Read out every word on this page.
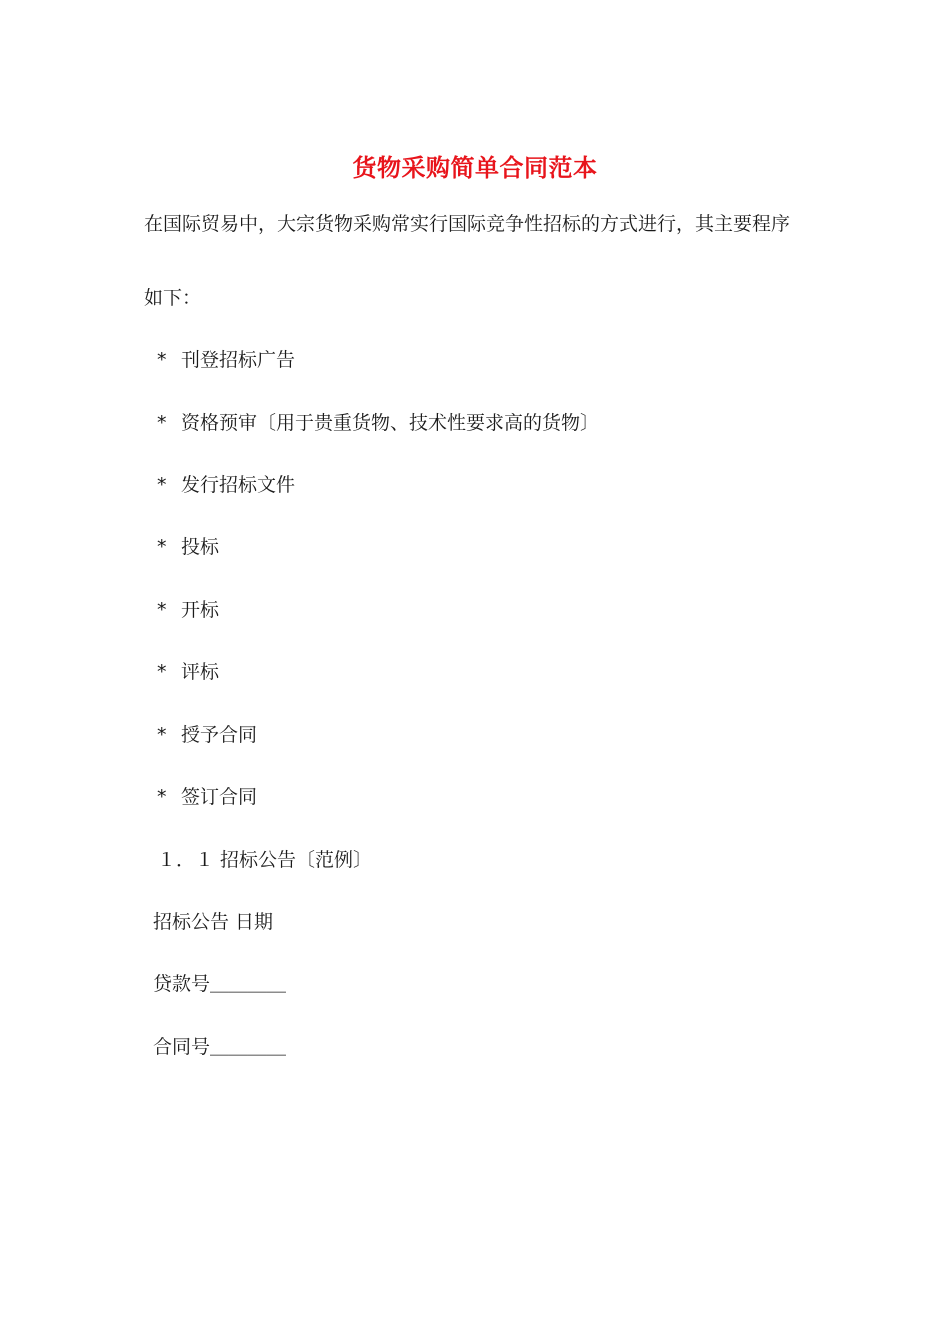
货物采购简单合同范本
在国际贸易中，大宗货物采购常实行国际竞争性招标的方式进行，其主要程序
如下：
* 刊登招标广告
* 资格预审〔用于贵重货物、技术性要求高的货物〕
* 发行招标文件
* 投标
* 开标
* 评标
* 授予合同
* 签订合同
１．１ 招标公告〔范例〕
招标公告 日期
贷款号＿＿＿＿
合同号＿＿＿＿
